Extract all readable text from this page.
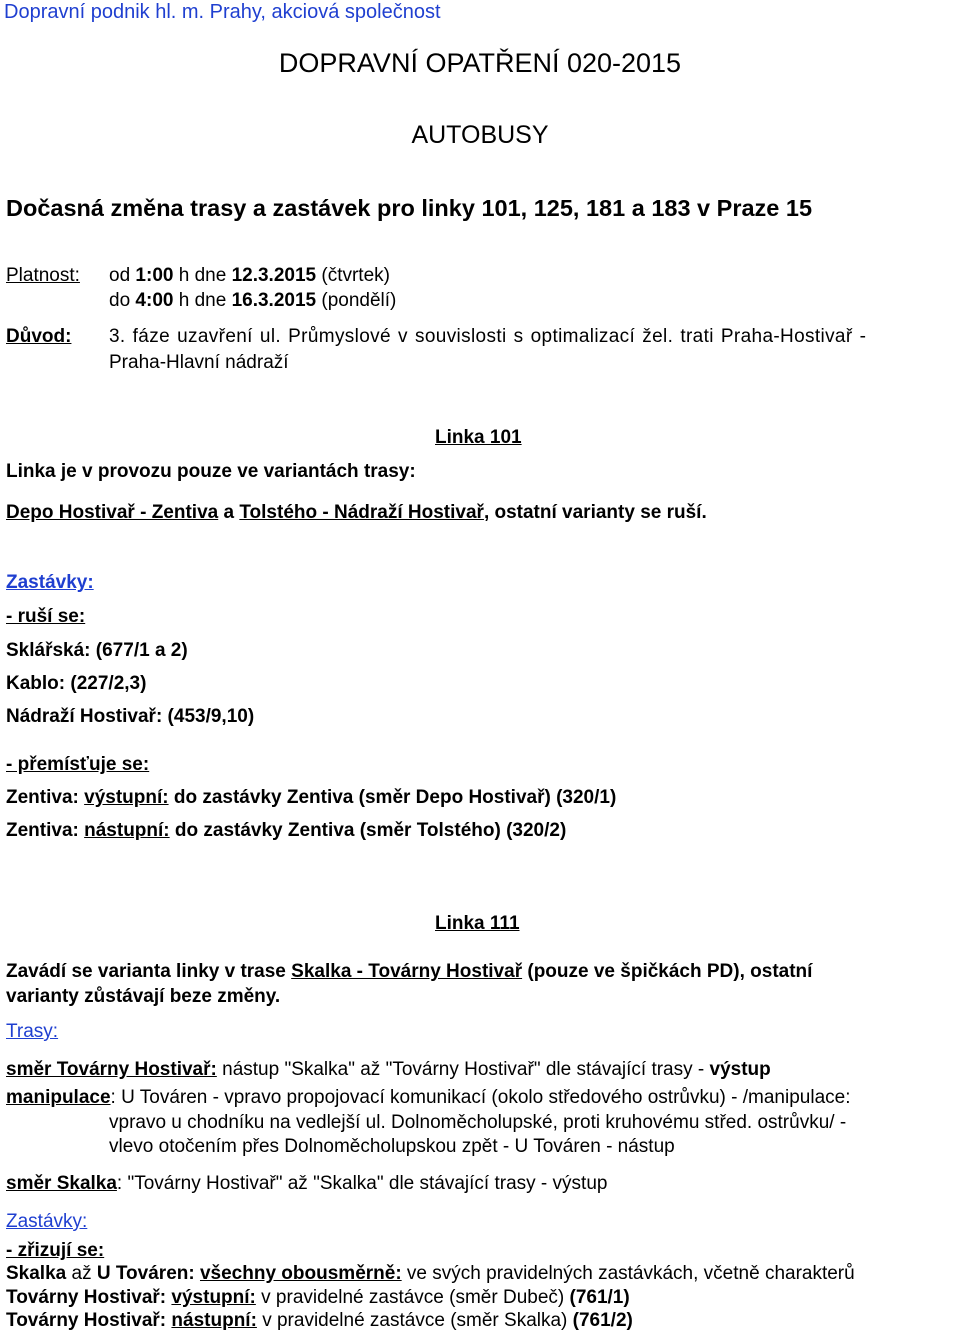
Dopravní podnik hl. m. Prahy, akciová společnost
DOPRAVNÍ OPATŘENÍ 020-2015
AUTOBUSY
Dočasná změna trasy a zastávek pro linky 101, 125, 181 a 183 v Praze 15
Platnost: od 1:00 h dne 12.3.2015 (čtvrtek)
do 4:00 h dne 16.3.2015 (pondělí)
Důvod: 3. fáze uzavření ul. Průmyslové v souvislosti s optimalizací žel. trati Praha-Hostivař -
Praha-Hlavní nádraží
Linka 101
Linka je v provozu pouze ve variantách trasy:
Depo Hostivař - Zentiva a Tolstého - Nádraží Hostivař, ostatní varianty se ruší.
Zastávky:
- ruší se:
Sklářská: (677/1 a 2)
Kablo: (227/2,3)
Nádraží Hostivař: (453/9,10)
- přemísťuje se:
Zentiva: výstupní: do zastávky Zentiva (směr Depo Hostivař) (320/1)
Zentiva: nástupní: do zastávky Zentiva (směr Tolstého) (320/2)
Linka 111
Zavádí se varianta linky v trase Skalka - Továrny Hostivař (pouze ve špičkách PD), ostatní
varianty zůstávají beze změny.
Trasy:
směr Továrny Hostivař: nástup "Skalka" až "Továrny Hostivař" dle stávající trasy - výstup
manipulace: U Továren - vpravo propojovací komunikací (okolo středového ostrůvku) - /manipulace:
vpravo u chodníku na vedlejší ul. Dolnoměcholupské, proti kruhovému střed. ostrůvku/ -
vlevo otočením přes Dolnoměcholupskou zpět - U Továren - nástup
směr Skalka: "Továrny Hostivař" až "Skalka" dle stávající trasy - výstup
Zastávky:
- zřizují se:
Skalka až U Továren: všechny obousměrně: ve svých pravidelných zastávkách, včetně charakterů
Továrny Hostivař: výstupní: v pravidelné zastávce (směr Dubeč) (761/1)
Továrny Hostivař: nástupní: v pravidelné zastávce (směr Skalka) (761/2)
